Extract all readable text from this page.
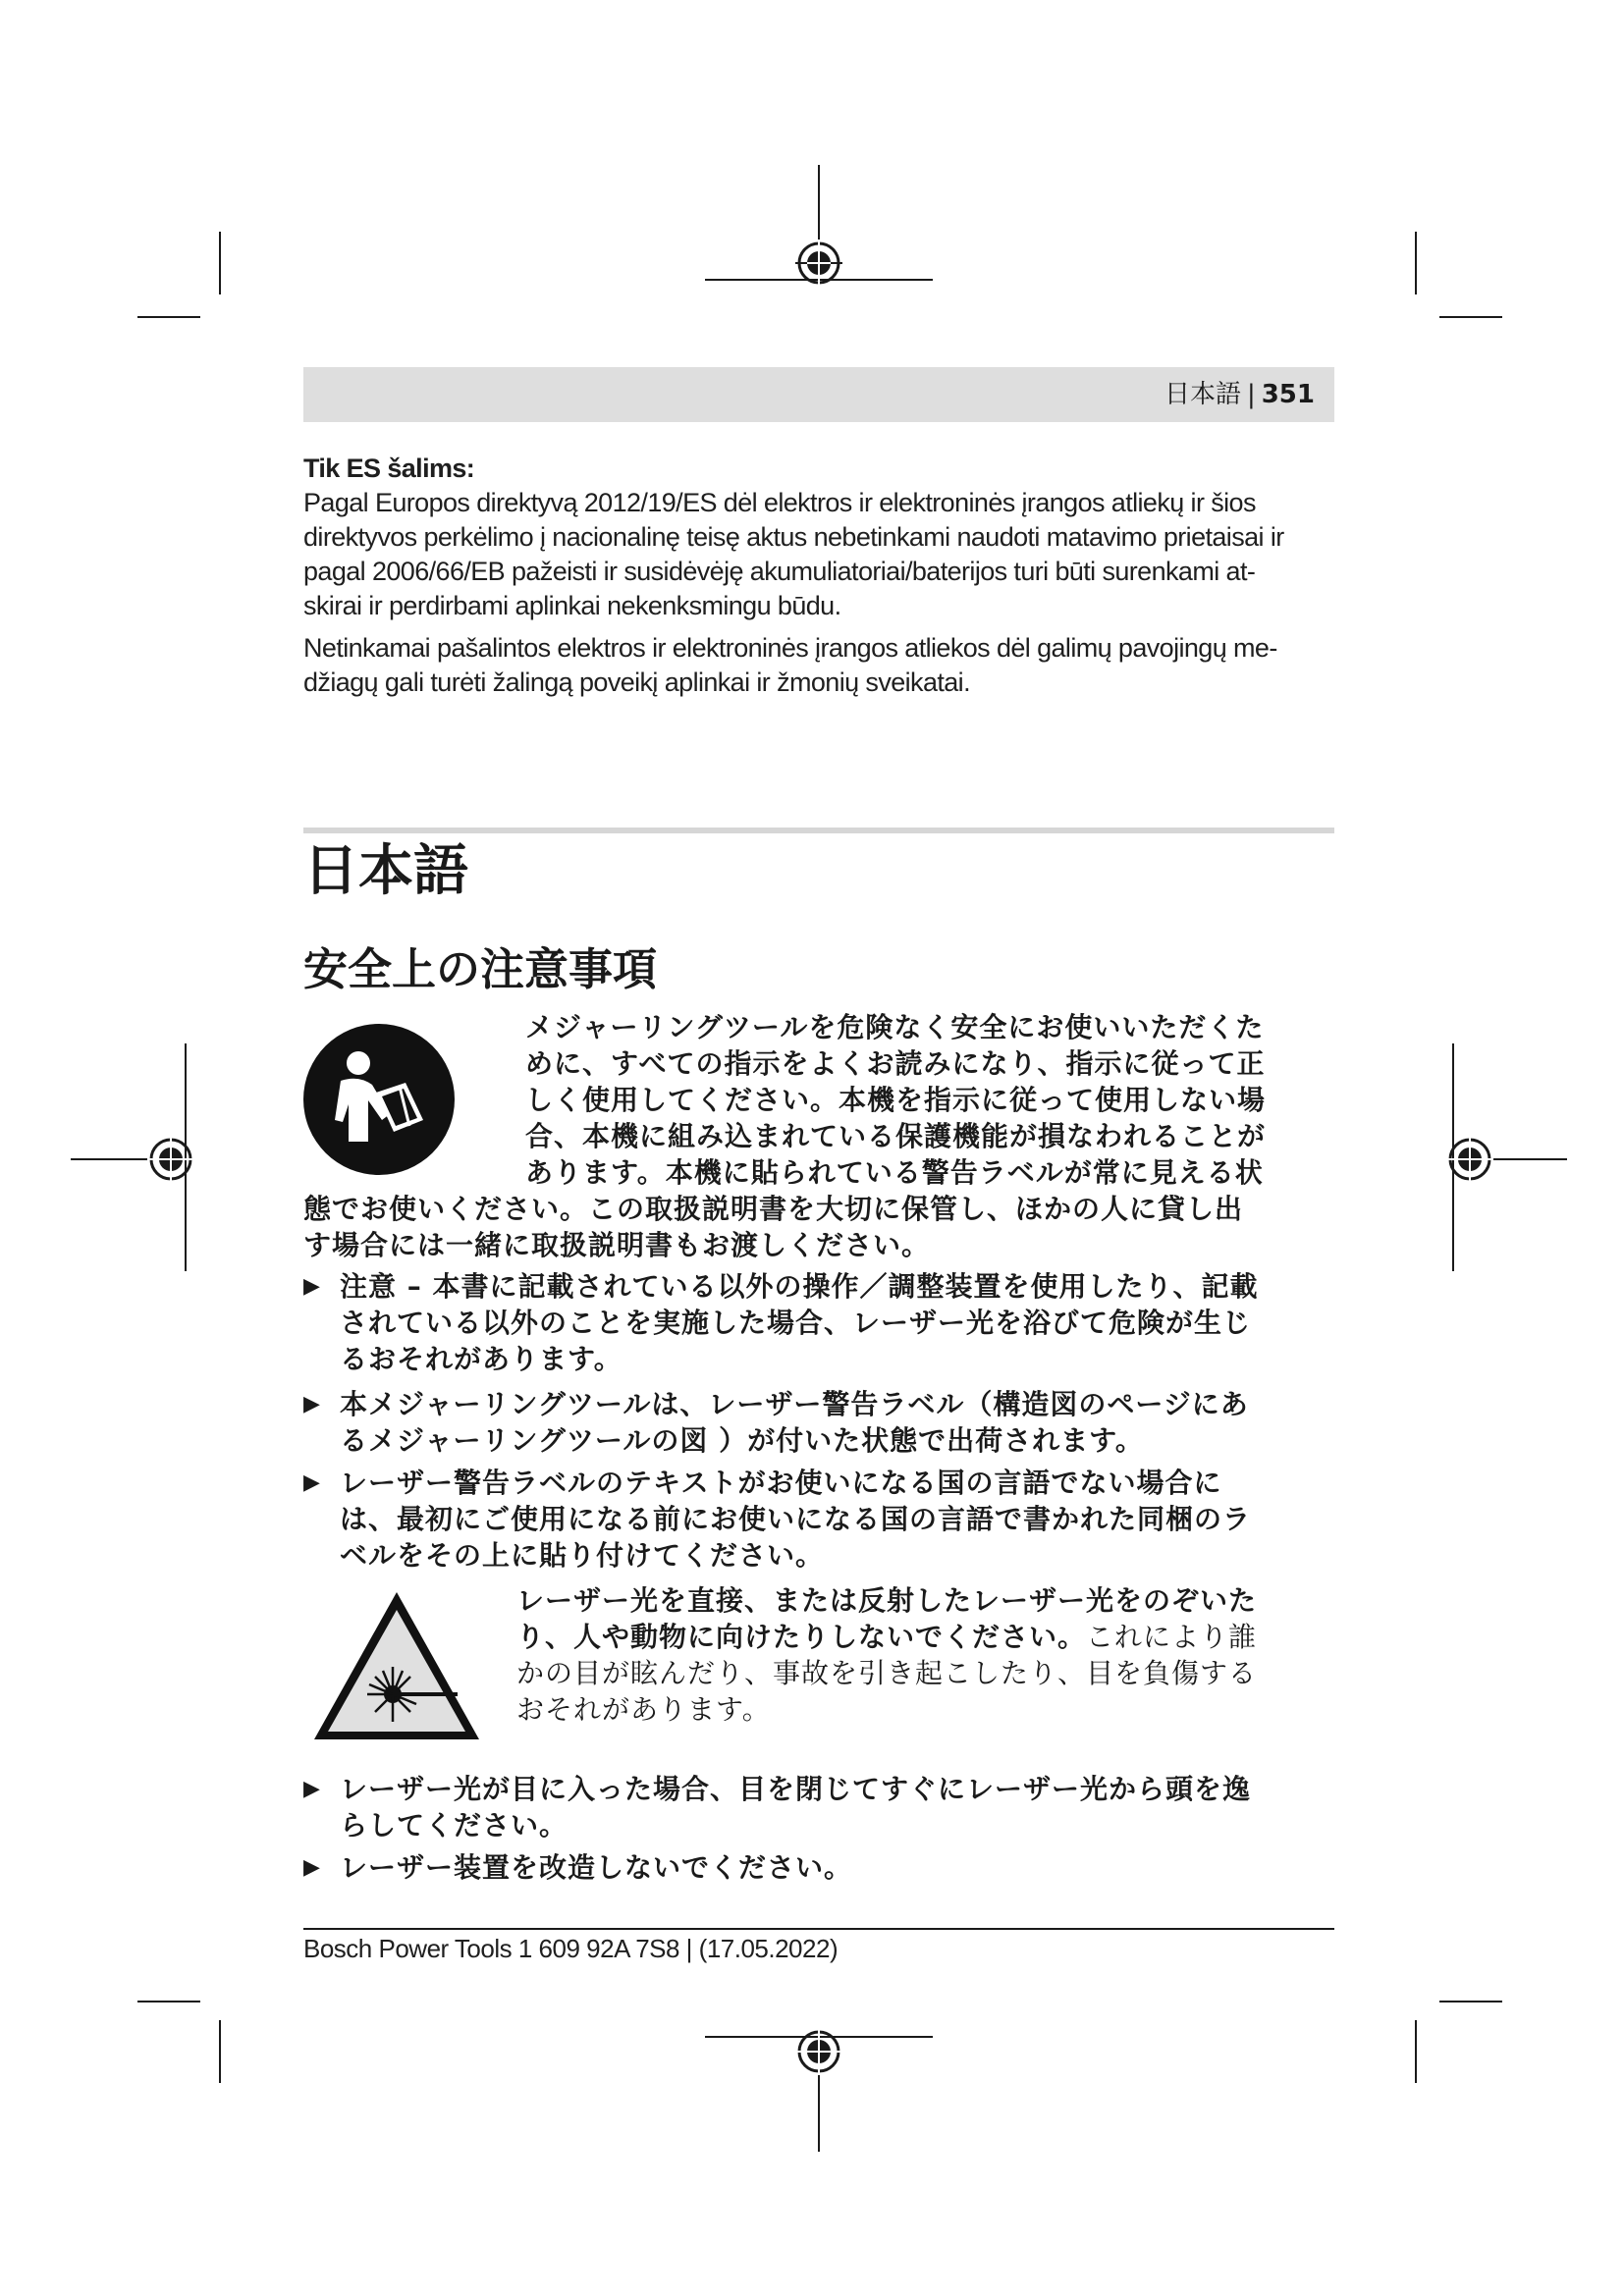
日本語 | 351
Tik ES šalims:
Pagal Europos direktyvą 2012/19/ES dėl elektros ir elektroninės įrangos atliekų ir šios
direktyvos perkėlimo į nacionalinę teisę aktus nebetinkami naudoti matavimo prietaisai ir
pagal 2006/66/EB pažeisti ir susidėvėję akumuliatoriai/baterijos turi būti surenkami at-
skirai ir perdirbami aplinkai nekenksmingu būdu.
Netinkamai pašalintos elektros ir elektroninės įrangos atliekos dėl galimų pavojingų me-
džiagų gali turėti žalingą poveikį aplinkai ir žmonių sveikatai.
日本語
安全上の注意事項
メジャーリングツールを危険なく安全にお使いいただくた
めに、すべての指示をよくお読みになり、指示に従って正
しく使用してください。本機を指示に従って使用しない場
合、本機に組み込まれている保護機能が損なわれることが
あります。本機に貼られている警告ラベルが常に見える状
態でお使いください。この取扱説明書を大切に保管し、ほかの人に貸し出
す場合には一緒に取扱説明書もお渡しください。
▶ 注意 – 本書に記載されている以外の操作／調整装置を使用したり、記載
されている以外のことを実施した場合、レーザー光を浴びて危険が生じ
るおそれがあります。
▶ 本メジャーリングツールは、レーザー警告ラベル（構造図のページにあ
るメジャーリングツールの図 ）が付いた状態で出荷されます。
▶ レーザー警告ラベルのテキストがお使いになる国の言語でない場合に
は、最初にご使用になる前にお使いになる国の言語で書かれた同梱のラ
ベルをその上に貼り付けてください。
レーザー光を直接、または反射したレーザー光をのぞいた
り、人や動物に向けたりしないでください。これにより誰
かの目が眩んだり、事故を引き起こしたり、目を負傷する
おそれがあります。
▶ レーザー光が目に入った場合、目を閉じてすぐにレーザー光から頭を逸
らしてください。
▶ レーザー装置を改造しないでください。
Bosch Power Tools 1 609 92A 7S8 | (17.05.2022)
